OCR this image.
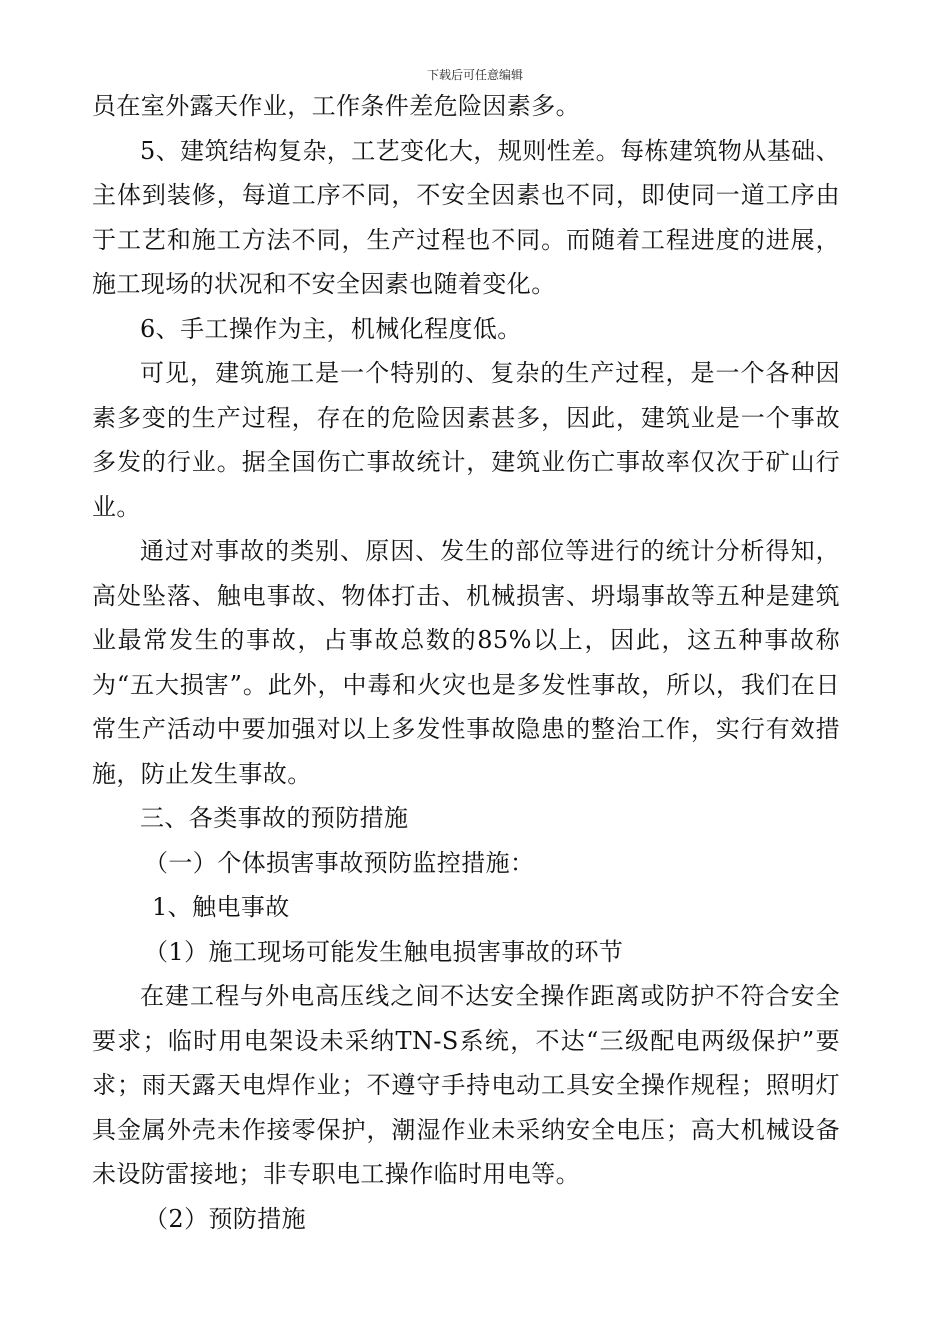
下载后可任意编辑

员在室外露天作业，工作条件差危险因素多。

5、建筑结构复杂，工艺变化大，规则性差。每栋建筑物从基础、主体到装修，每道工序不同，不安全因素也不同，即使同一道工序由于工艺和施工方法不同，生产过程也不同。而随着工程进度的进展，施工现场的状况和不安全因素也随着变化。

6、手工操作为主，机械化程度低。

可见，建筑施工是一个特别的、复杂的生产过程，是一个各种因素多变的生产过程，存在的危险因素甚多，因此，建筑业是一个事故多发的行业。据全国伤亡事故统计，建筑业伤亡事故率仅次于矿山行业。

通过对事故的类别、原因、发生的部位等进行的统计分析得知，高处坠落、触电事故、物体打击、机械损害、坍塌事故等五种是建筑业最常发生的事故，占事故总数的85%以上，因此，这五种事故称为“五大损害”。此外，中毒和火灾也是多发性事故，所以，我们在日常生产活动中要加强对以上多发性事故隐患的整治工作，实行有效措施，防止发生事故。

三、各类事故的预防措施

（一）个体损害事故预防监控措施：

1、触电事故

（1）施工现场可能发生触电损害事故的环节

在建工程与外电高压线之间不达安全操作距离或防护不符合安全要求；临时用电架设未采纳TN-S系统，不达“三级配电两级保护”要求；雨天露天电焊作业；不遵守手持电动工具安全操作规程；照明灯具金属外壳未作接零保护，潮湿作业未采纳安全电压；高大机械设备未设防雷接地；非专职电工操作临时用电等。

（2）预防措施
